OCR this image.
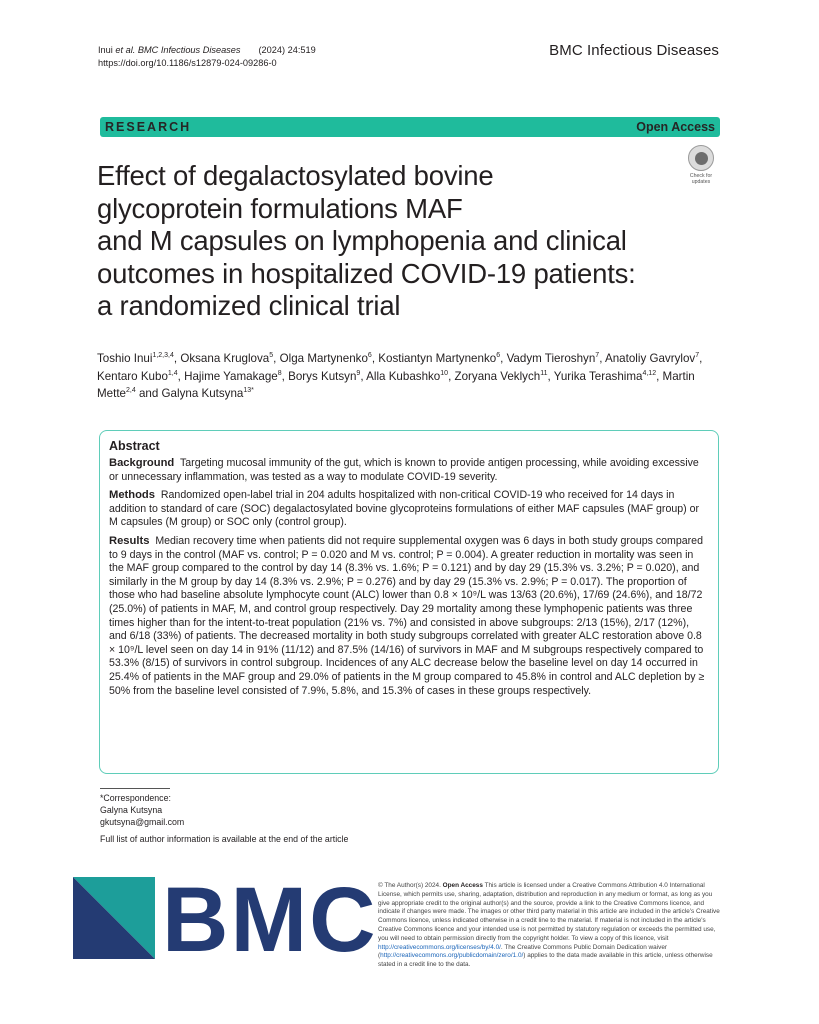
Inui et al. BMC Infectious Diseases (2024) 24:519
https://doi.org/10.1186/s12879-024-09286-0
BMC Infectious Diseases
RESEARCH	Open Access
Check for
updates
Effect of degalactosylated bovine
glycoprotein formulations MAF
and M capsules on lymphopenia and clinical
outcomes in hospitalized COVID-19 patients:
a randomized clinical trial

Toshio Inui$^{1,2,3,4}$, Oksana Kruglova$^5$, Olga Martynenko$^6$, Kostiantyn Martynenko$^6$, Vadym Tieroshyn$^7$, Anatoliy Gavrylov$^7$, Kentaro Kubo$^{1,4}$, Hajime Yamakage$^8$, Borys Kutsyn$^9$, Alla Kubashko$^{10}$, Zoryana Veklych$^{11}$, Yurika Terashima$^{4,12}$, Martin Mette$^{2,4}$ and Galyna Kutsyna$^{13*}$

Abstract

Background Targeting mucosal immunity of the gut, which is known to provide antigen processing, while avoiding excessive or unnecessary inflammation, was tested as a way to modulate COVID-19 severity.

Methods Randomized open-label trial in 204 adults hospitalized with non-critical COVID-19 who received for 14 days in addition to standard of care (SOC) degalactosylated bovine glycoproteins formulations of either MAF capsules (MAF group) or M capsules (M group) or SOC only (control group).

Results Median recovery time when patients did not require supplemental oxygen was 6 days in both study groups compared to 9 days in the control (MAF vs. control; P = 0.020 and M vs. control; P = 0.004). A greater reduction in mortality was seen in the MAF group compared to the control by day 14 (8.3% vs. 1.6%; P = 0.121) and by day 29 (15.3% vs. 3.2%; P = 0.020), and similarly in the M group by day 14 (8.3% vs. 2.9%; P = 0.276) and by day 29 (15.3% vs. 2.9%; P = 0.017). The proportion of those who had baseline absolute lymphocyte count (ALC) lower than 0.8 × 10⁹/L was 13/63 (20.6%), 17/69 (24.6%), and 18/72 (25.0%) of patients in MAF, M, and control group respectively. Day 29 mortality among these lymphopenic patients was three times higher than for the intent-to-treat population (21% vs. 7%) and consisted in above subgroups: 2/13 (15%), 2/17 (12%), and 6/18 (33%) of patients. The decreased mortality in both study subgroups correlated with greater ALC restoration above 0.8 × 10⁹/L level seen on day 14 in 91% (11/12) and 87.5% (14/16) of survivors in MAF and M subgroups respectively compared to 53.3% (8/15) of survivors in control subgroup. Incidences of any ALC decrease below the baseline level on day 14 occurred in 25.4% of patients in the MAF group and 29.0% of patients in the M group compared to 45.8% in control and ALC depletion by ≥ 50% from the baseline level consisted of 7.9%, 5.8%, and 15.3% of cases in these groups respectively.

*Correspondence:
Galyna Kutsyna
gkutsyna@gmail.com
Full list of author information is available at the end of the article
BMC © The Author(s) 2024. Open Access This article is licensed under a Creative Commons Attribution 4.0 International License, which permits use, sharing, adaptation, distribution and reproduction in any medium or format, as long as you give appropriate credit to the original author(s) and the source, provide a link to the Creative Commons licence, and indicate if changes were made. The images or other third party material in this article are included in the article's Creative Commons licence, unless indicated otherwise in a credit line to the material. If material is not included in the article's Creative Commons licence and your intended use is not permitted by statutory regulation or exceeds the permitted use, you will need to obtain permission directly from the copyright holder. To view a copy of this licence, visit http://creativecommons.org/licenses/by/4.0/. The Creative Commons Public Domain Dedication waiver (http://creativecommons.org/publicdomain/zero/1.0/) applies to the data made available in this article, unless otherwise stated in a credit line to the data.
